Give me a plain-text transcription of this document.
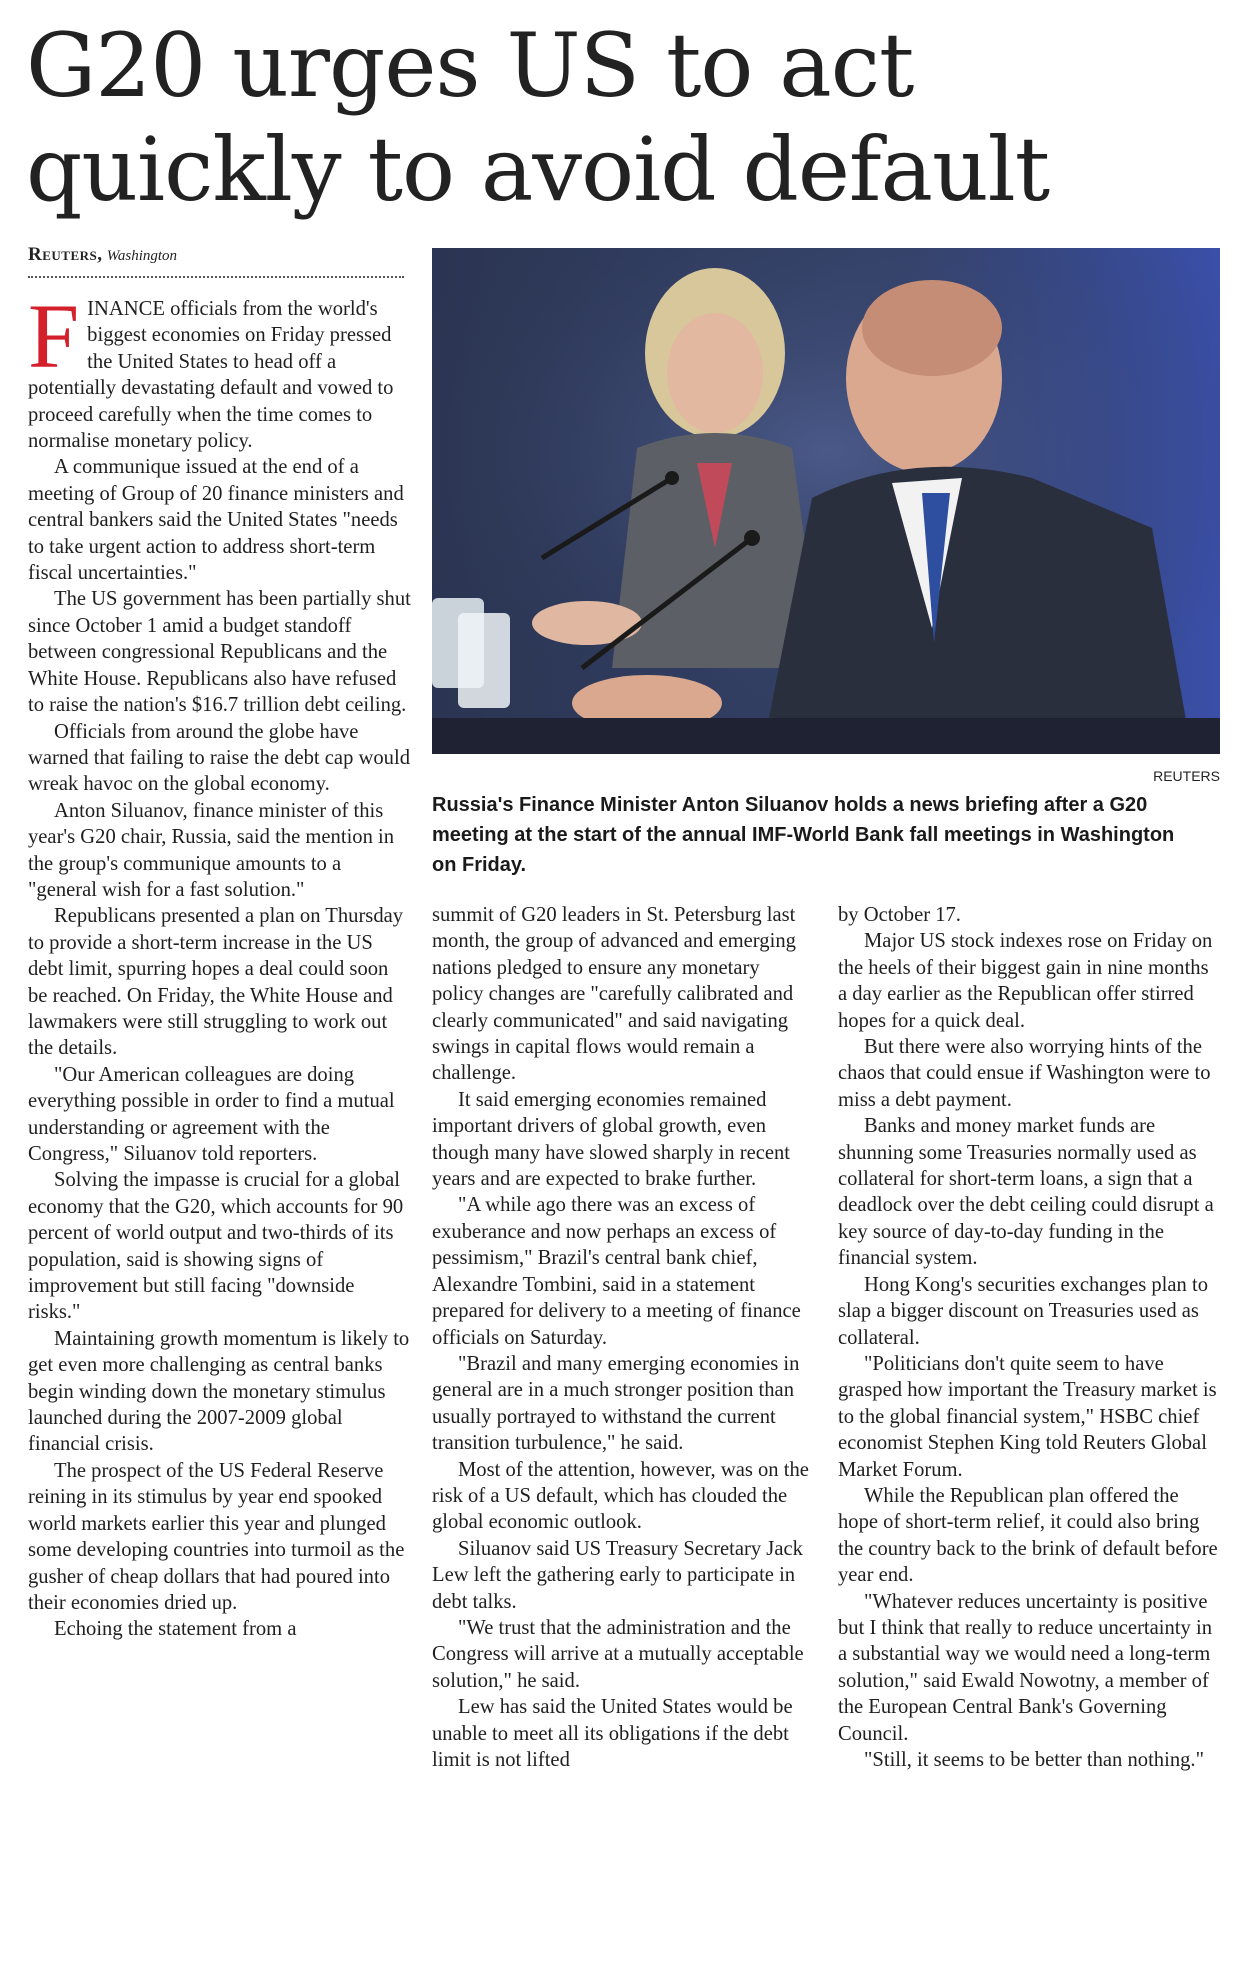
G20 urges US to act quickly to avoid default
Reuters, Washington
REUTERS

Russia's Finance Minister Anton Siluanov holds a news briefing after a G20 meeting at the start of the annual IMF-World Bank fall meetings in Washington on Friday.

FINANCE officials from the world's biggest economies on Friday pressed the United States to head off a potentially devastating default and vowed to proceed carefully when the time comes to normalise monetary policy.

A communique issued at the end of a meeting of Group of 20 finance ministers and central bankers said the United States "needs to take urgent action to address short-term fiscal uncertainties."

The US government has been partially shut since October 1 amid a budget standoff between congressional Republicans and the White House. Republicans also have refused to raise the nation's $16.7 trillion debt ceiling.

Officials from around the globe have warned that failing to raise the debt cap would wreak havoc on the global economy.

Anton Siluanov, finance minister of this year's G20 chair, Russia, said the mention in the group's communique amounts to a "general wish for a fast solution."

Republicans presented a plan on Thursday to provide a short-term increase in the US debt limit, spurring hopes a deal could soon be reached. On Friday, the White House and lawmakers were still struggling to work out the details.

"Our American colleagues are doing everything possible in order to find a mutual understanding or agreement with the Congress," Siluanov told reporters.

Solving the impasse is crucial for a global economy that the G20, which accounts for 90 percent of world output and two-thirds of its population, said is showing signs of improvement but still facing "downside risks."

Maintaining growth momentum is likely to get even more challenging as central banks begin winding down the monetary stimulus launched during the 2007-2009 global financial crisis.

The prospect of the US Federal Reserve reining in its stimulus by year end spooked world markets earlier this year and plunged some developing countries into turmoil as the gusher of cheap dollars that had poured into their economies dried up.

Echoing the statement from a

summit of G20 leaders in St. Petersburg last month, the group of advanced and emerging nations pledged to ensure any monetary policy changes are "carefully calibrated and clearly communicated" and said navigating swings in capital flows would remain a challenge.

It said emerging economies remained important drivers of global growth, even though many have slowed sharply in recent years and are expected to brake further.

"A while ago there was an excess of exuberance and now perhaps an excess of pessimism," Brazil's central bank chief, Alexandre Tombini, said in a statement prepared for delivery to a meeting of finance officials on Saturday.

"Brazil and many emerging economies in general are in a much stronger position than usually portrayed to withstand the current transition turbulence," he said.

Most of the attention, however, was on the risk of a US default, which has clouded the global economic outlook.

Siluanov said US Treasury Secretary Jack Lew left the gathering early to participate in debt talks.

"We trust that the administration and the Congress will arrive at a mutually acceptable solution," he said.

Lew has said the United States would be unable to meet all its obligations if the debt limit is not lifted

by October 17.

Major US stock indexes rose on Friday on the heels of their biggest gain in nine months a day earlier as the Republican offer stirred hopes for a quick deal.

But there were also worrying hints of the chaos that could ensue if Washington were to miss a debt payment.

Banks and money market funds are shunning some Treasuries normally used as collateral for short-term loans, a sign that a deadlock over the debt ceiling could disrupt a key source of day-to-day funding in the financial system.

Hong Kong's securities exchanges plan to slap a bigger discount on Treasuries used as collateral.

"Politicians don't quite seem to have grasped how important the Treasury market is to the global financial system," HSBC chief economist Stephen King told Reuters Global Market Forum.

While the Republican plan offered the hope of short-term relief, it could also bring the country back to the brink of default before year end.

"Whatever reduces uncertainty is positive but I think that really to reduce uncertainty in a substantial way we would need a long-term solution," said Ewald Nowotny, a member of the European Central Bank's Governing Council.

"Still, it seems to be better than nothing."
